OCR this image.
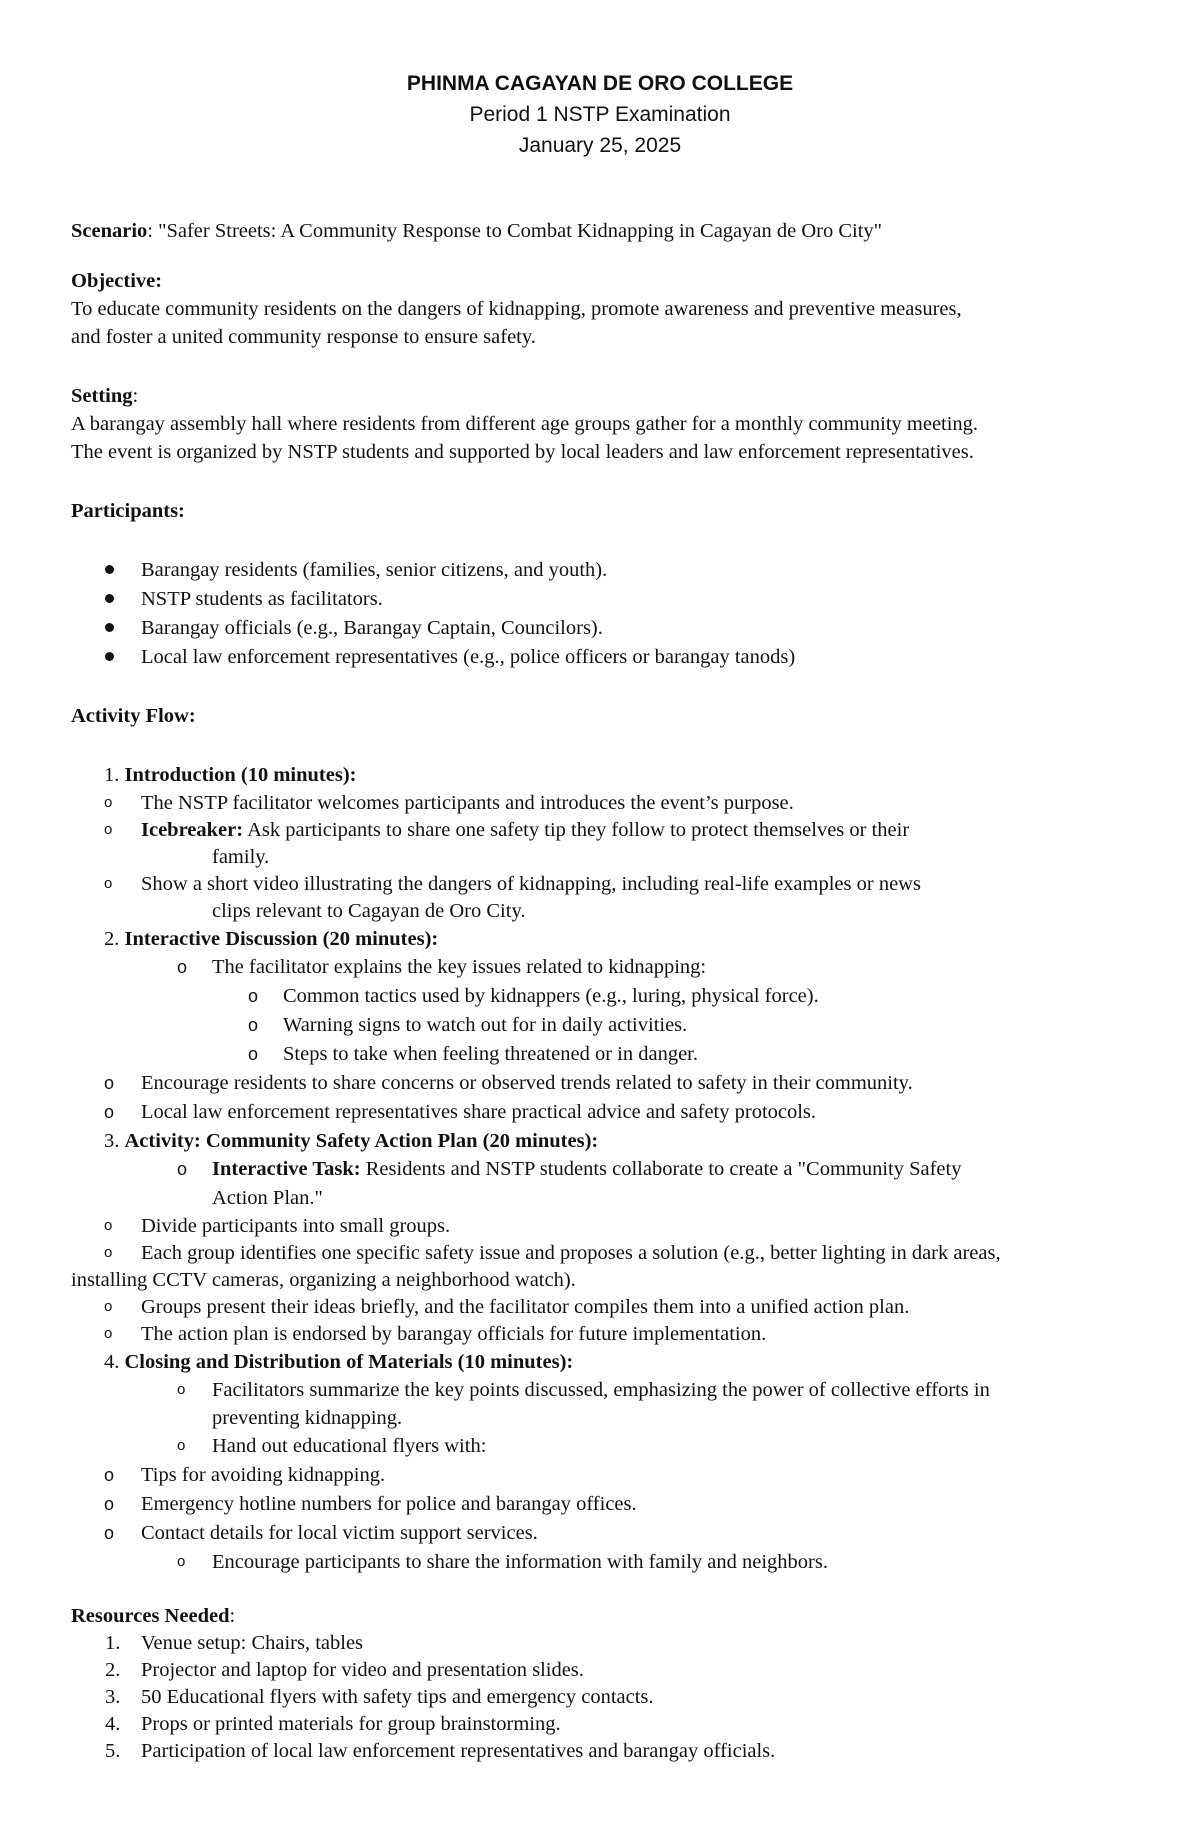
PHINMA CAGAYAN DE ORO COLLEGE
Period 1 NSTP Examination
January 25, 2025
Scenario: "Safer Streets: A Community Response to Combat Kidnapping in Cagayan de Oro City"
Objective:
To educate community residents on the dangers of kidnapping, promote awareness and preventive measures,
and foster a united community response to ensure safety.
Setting:
A barangay assembly hall where residents from different age groups gather for a monthly community meeting.
The event is organized by NSTP students and supported by local leaders and law enforcement representatives.
Participants:
Barangay residents (families, senior citizens, and youth).
NSTP students as facilitators.
Barangay officials (e.g., Barangay Captain, Councilors).
Local law enforcement representatives (e.g., police officers or barangay tanods)
Activity Flow:
1. Introduction (10 minutes):
o The NSTP facilitator welcomes participants and introduces the event’s purpose.
o Icebreaker: Ask participants to share one safety tip they follow to protect themselves or their
family.
o Show a short video illustrating the dangers of kidnapping, including real-life examples or news
clips relevant to Cagayan de Oro City.
2. Interactive Discussion (20 minutes):
o The facilitator explains the key issues related to kidnapping:
o Common tactics used by kidnappers (e.g., luring, physical force).
o Warning signs to watch out for in daily activities.
o Steps to take when feeling threatened or in danger.
o Encourage residents to share concerns or observed trends related to safety in their community.
o Local law enforcement representatives share practical advice and safety protocols.
3. Activity: Community Safety Action Plan (20 minutes):
o Interactive Task: Residents and NSTP students collaborate to create a "Community Safety
Action Plan."
o Divide participants into small groups.
o Each group identifies one specific safety issue and proposes a solution (e.g., better lighting in dark areas,
installing CCTV cameras, organizing a neighborhood watch).
o Groups present their ideas briefly, and the facilitator compiles them into a unified action plan.
o The action plan is endorsed by barangay officials for future implementation.
4. Closing and Distribution of Materials (10 minutes):
o Facilitators summarize the key points discussed, emphasizing the power of collective efforts in
preventing kidnapping.
o Hand out educational flyers with:
o Tips for avoiding kidnapping.
o Emergency hotline numbers for police and barangay offices.
o Contact details for local victim support services.
o Encourage participants to share the information with family and neighbors.
Resources Needed:
1. Venue setup: Chairs, tables
2. Projector and laptop for video and presentation slides.
3. 50 Educational flyers with safety tips and emergency contacts.
4. Props or printed materials for group brainstorming.
5. Participation of local law enforcement representatives and barangay officials.
